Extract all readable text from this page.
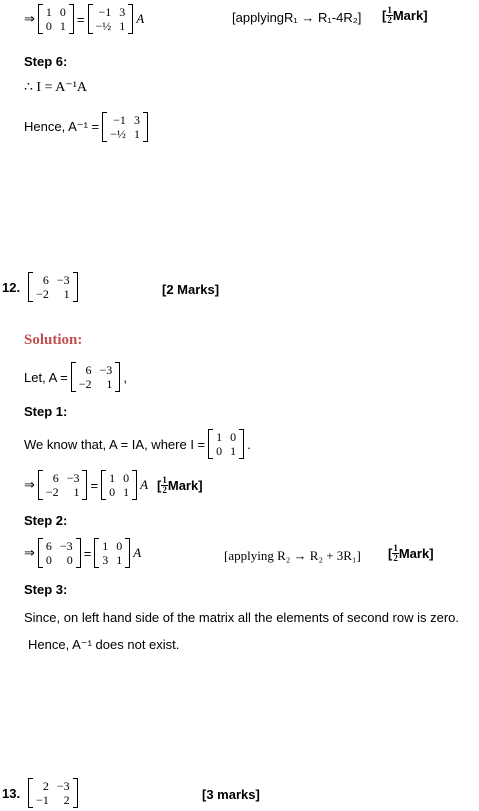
⇒ 1 0
0 1 = −1 3
−½ 1 A	[applyingR₁ → R₁-4R₂] [ $\frac{1}{2}$ Mark ]
Step 6:
∴ I = A⁻¹A
Hence, A⁻¹ = −1 3
−½ 1
12.	6 −3
−2	1	[2 Marks]
Solution:
Let, A =	6 −3
−2	1 ,
Step 1:
We know that, A = IA, where I = 1 0
0 1 .
⇒	6 −3
−2	1 = 1 0
0 1 A [ $\frac{1}{2}$ Mark ]
Step 2:
⇒ 6 −3
0	0 = 1 0
3 1 A	[applying R₂ → R₂ + 3R₁] [ $\frac{1}{2}$ Mark ]
Step 3:
Since, on left hand side of the matrix all the elements of second row is zero.
Hence, A⁻¹ does not exist.
13.	2 −3
−1	2	[3 marks]
